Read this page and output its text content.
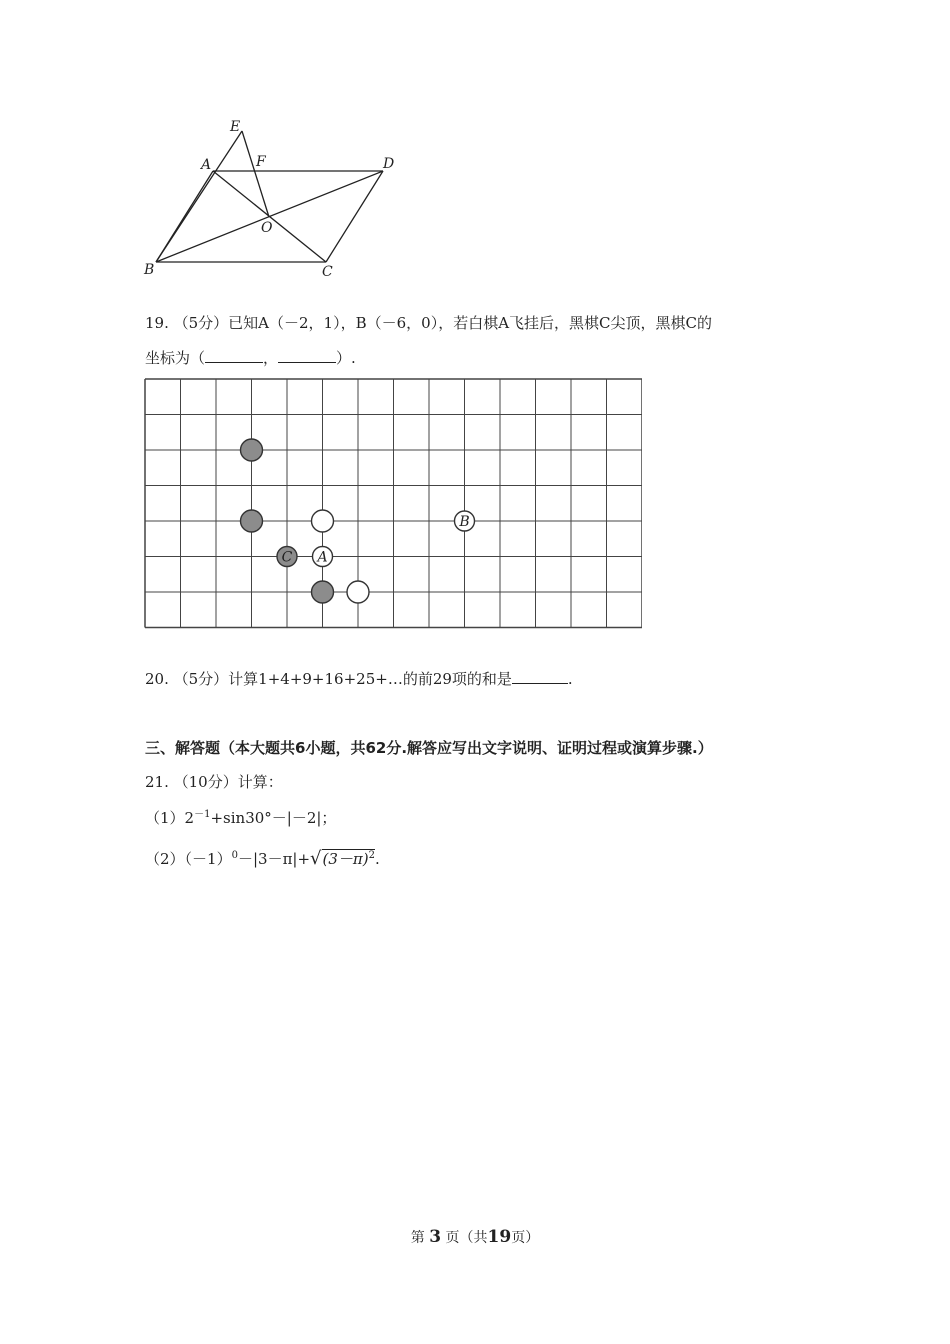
E
A	F	D
O
B	C
19. （5分）已知A（－2，1），B（－6，0），若白棋A飞挂后，黑棋C尖顶，黑棋C的
坐标为（	，	）.
B
C A
20. （5分）计算1+4+9+16+25+…的前29项的和是	.
三、解答题（本大题共6小题，共62分.解答应写出文字说明、证明过程或演算步骤.）
21. （10分）计算：
$(1)2^{-1}+\sin 30^\circ-|-2|$；
$(2)(-1)^0-|3-\pi|+√(3-\pi)^2$.
第 3 页（共19页）
